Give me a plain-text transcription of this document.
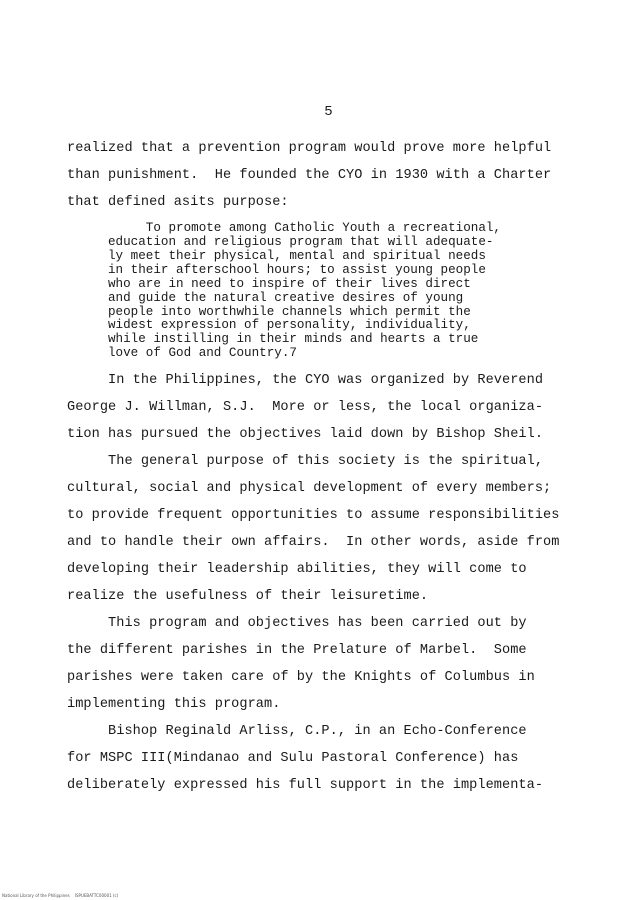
5
realized that a prevention program would prove more helpful
than punishment.  He founded the CYO in 1930 with a Charter
that defined asits purpose:
To promote among Catholic Youth a recreational,
education and religious program that will adequate-
ly meet their physical, mental and spiritual needs
in their afterschool hours; to assist young people
who are in need to inspire of their lives direct
and guide the natural creative desires of young
people into worthwhile channels which permit the
widest expression of personality, individuality,
while instilling in their minds and hearts a true
love of God and Country.7
In the Philippines, the CYO was organized by Reverend
George J. Willman, S.J.  More or less, the local organiza-
tion has pursued the objectives laid down by Bishop Sheil.
The general purpose of this society is the spiritual,
cultural, social and physical development of every members;
to provide frequent opportunities to assume responsibilities
and to handle their own affairs.  In other words, aside from
developing their leadership abilities, they will come to
realize the usefulness of their leisuretime.
This program and objectives has been carried out by
the different parishes in the Prelature of Marbel.  Some
parishes were taken care of by the Knights of Columbus in
implementing this program.
Bishop Reginald Arliss, C.P., in an Echo-Conference
for MSPC III(Mindanao and Sulu Pastoral Conference) has
deliberately expressed his full support in the implementa-
National Library of the Philippines    ISPUEBATTC00001 (c)
